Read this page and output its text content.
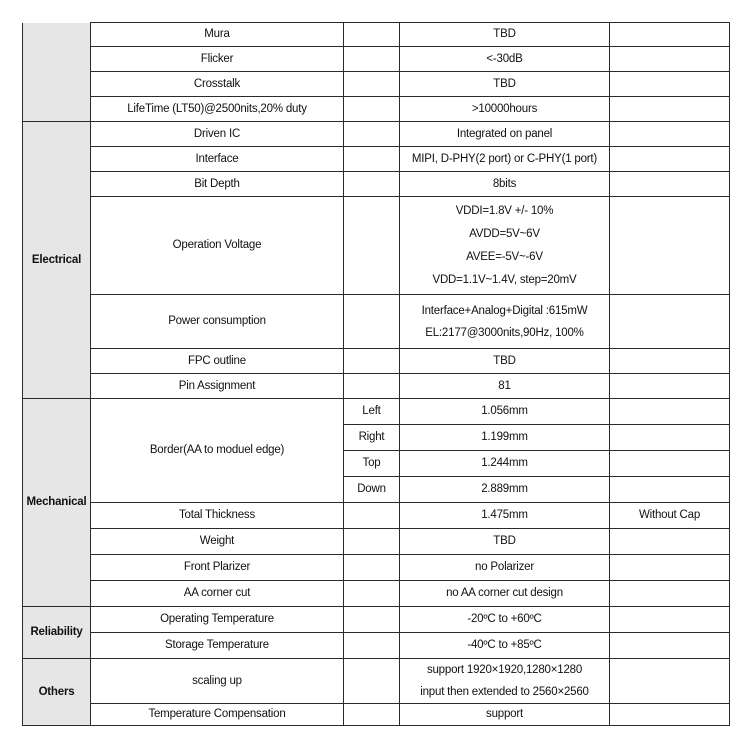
	Mura		TBD	
	Flicker		<-30dB	
	Crosstalk		TBD	
	LifeTime (LT50)@2500nits,20% duty		>10000hours	
Electrical	Driven IC		Integrated on panel	
	Interface		MIPI, D-PHY(2 port) or C-PHY(1 port)	
	Bit Depth		8bits	
	Operation Voltage		VDDI=1.8V +/- 10%
AVDD=5V~6V
AVEE=-5V~-6V
VDD=1.1V~1.4V, step=20mV	

	Power consumption		Interface+Analog+Digital :615mW
EL:2177@3000nits,90Hz, 100%	

	FPC outline		TBD	
	Pin Assignment		81	
Mechanical	Border(AA to moduel edge)	Left	1.056mm	
		Right	1.199mm	
		Top	1.244mm	
		Down	2.889mm	
	Total Thickness		1.475mm	Without Cap
	Weight		TBD	
	Front Plarizer		no Polarizer	
	AA corner cut		no AA corner cut design	
Reliability	Operating Temperature		-20ºC to +60ºC	
	Storage Temperature		-40ºC to +85ºC	
Others	scaling up		support 1920×1920,1280×1280
input then extended to 2560×2560	

	Temperature Compensation		support	
